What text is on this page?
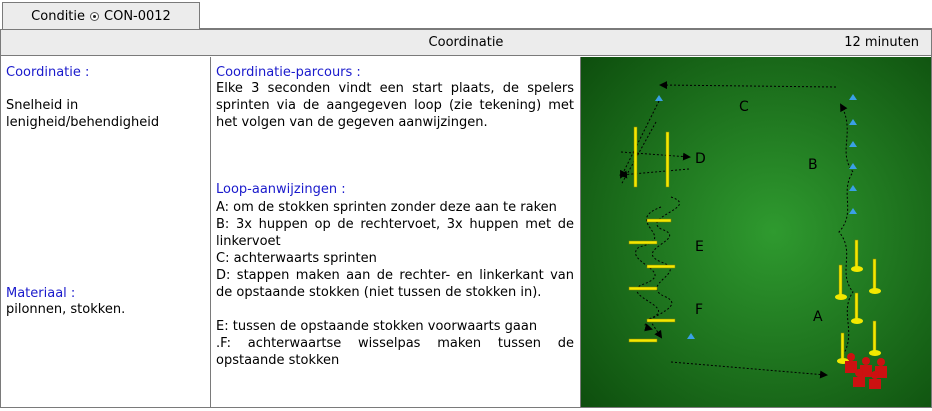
Conditie CON-0012
Coordinatie	12 minuten
Coordinatie :
Snelheid in lenigheid/behendigheid
Materiaal :
pilonnen, stokken.
Coordinatie-parcours :
Elke 3 seconden vindt een start plaats, de spelers sprinten via de aangegeven loop (zie tekening) met het volgen van de gegeven aanwijzingen.
Loop-aanwijzingen :
A: om de stokken sprinten zonder deze aan te raken
B: 3x huppen op de rechtervoet, 3x huppen met de linkervoet
C: achterwaarts sprinten
D: stappen maken aan de rechter- en linkerkant van de opstaande stokken (niet tussen de stokken in).
E: tussen de opstaande stokken voorwaarts gaan
.F: achterwaartse wisselpas maken tussen de opstaande stokken
C
B
D
E
F	A
